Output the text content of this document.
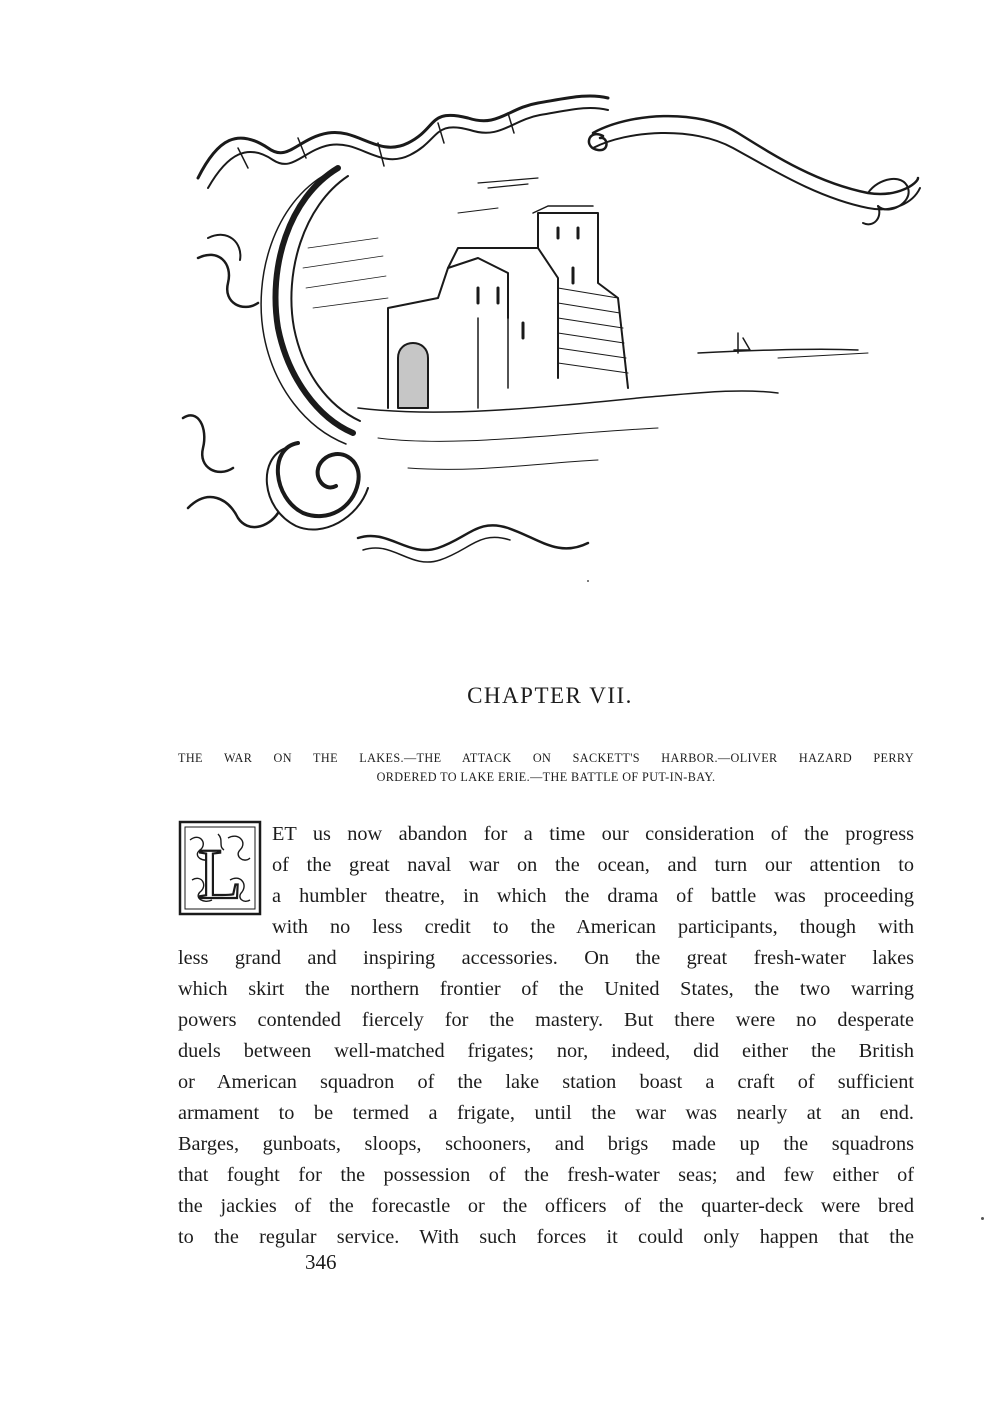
CHAPTER VII.

THE WAR ON THE LAKES.—THE ATTACK ON SACKETT'S HARBOR.—OLIVER HAZARD PERRY
ORDERED TO LAKE ERIE.—THE BATTLE OF PUT-IN-BAY.

L	ET us now abandon for a time our consideration of the progress
of the great naval war on the ocean, and turn our attention to
a humbler theatre, in which the drama of battle was proceeding
with no less credit to the American participants, though with
less grand and inspiring accessories. On the great fresh-water lakes
which skirt the northern frontier of the United States, the two warring
powers contended fiercely for the mastery. But there were no desperate
duels between well-matched frigates; nor, indeed, did either the British
or American squadron of the lake station boast a craft of sufficient
armament to be termed a frigate, until the war was nearly at an end.
Barges, gunboats, sloops, schooners, and brigs made up the squadrons
that fought for the possession of the fresh-water seas; and few either of
the jackies of the forecastle or the officers of the quarter-deck were bred
to the regular service. With such forces it could only happen that the

346
